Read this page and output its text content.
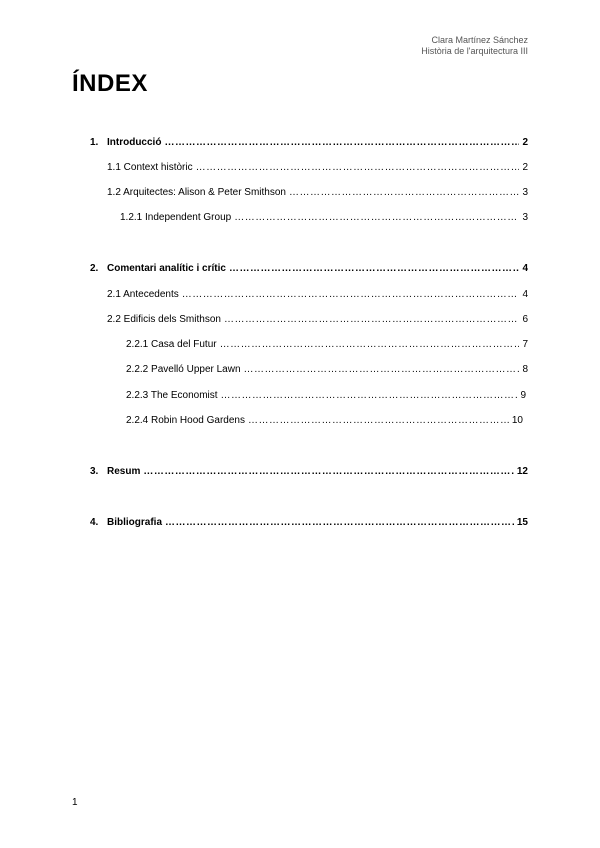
Clara Martínez Sánchez
Història de l'arquitectura III
ÍNDEX
1. Introducció …………………………………………………………………………………………………………………………………………………………………………	2
1.1 Context històric …………………………………………………………………………………………………………………………………………………………………………	2
1.2 Arquitectes: Alison & Peter Smithson …………………………………………………………………………………………………………………………………………………………………………	3
1.2.1 Independent Group …………………………………………………………………………………………………………………………………………………………………………	3
2. Comentari analític i crític …………………………………………………………………………………………………………………………………………………………………………	4
2.1 Antecedents …………………………………………………………………………………………………………………………………………………………………………	4
2.2 Edificis dels Smithson …………………………………………………………………………………………………………………………………………………………………………	6
2.2.1 Casa del Futur …………………………………………………………………………………………………………………………………………………………………………	7
2.2.2 Pavelló Upper Lawn …………………………………………………………………………………………………………………………………………………………………………	8
2.2.3 The Economist …………………………………………………………………………………………………………………………………………………………………………	9
2.2.4 Robin Hood Gardens …………………………………………………………………………………………………………………………………………………………………………	10
3. Resum …………………………………………………………………………………………………………………………………………………………………………	12
4. Bibliografia …………………………………………………………………………………………………………………………………………………………………………	15
1
